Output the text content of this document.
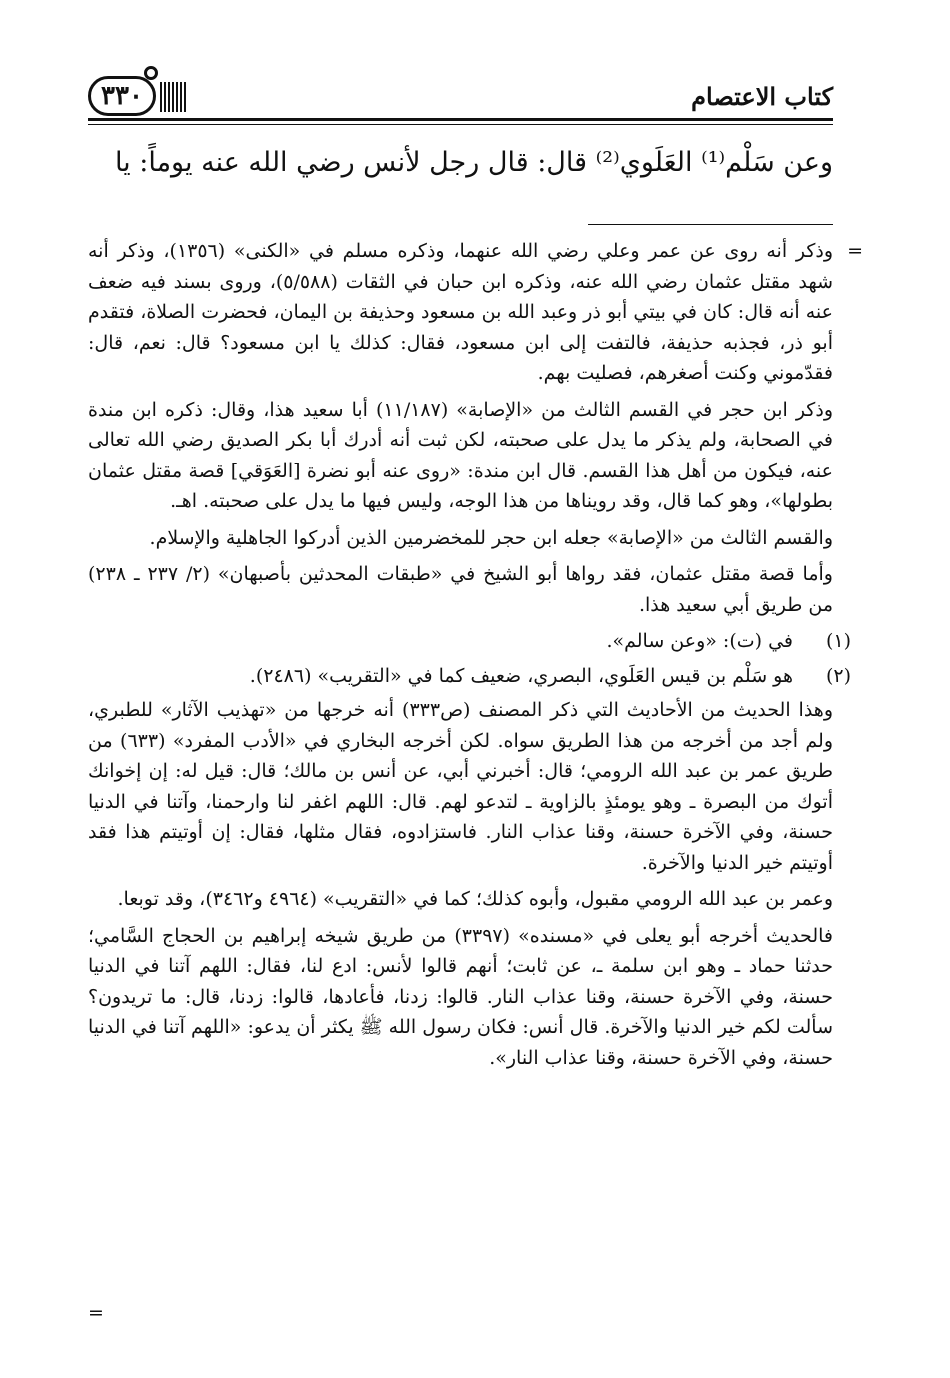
كتاب الاعتصام
٣٣٠
وعن سَلْم⁽¹⁾ العَلَوي⁽²⁾ قال: قال رجل لأنس رضي الله عنه يوماً: يا
=

وذكر أنه روى عن عمر وعلي رضي الله عنهما، وذكره مسلم في «الكنى» (١٣٥٦)، وذكر أنه شهد مقتل عثمان رضي الله عنه، وذكره ابن حبان في الثقات (٥/٥٨٨)، وروى بسند فيه ضعف عنه أنه قال: كان في بيتي أبو ذر وعبد الله بن مسعود وحذيفة بن اليمان، فحضرت الصلاة، فتقدم أبو ذر، فجذبه حذيفة، فالتفت إلى ابن مسعود، فقال: كذلك يا ابن مسعود؟ قال: نعم، قال: فقدّموني وكنت أصغرهم، فصليت بهم.

وذكر ابن حجر في القسم الثالث من «الإصابة» (١١/١٨٧) أبا سعيد هذا، وقال: ذكره ابن مندة في الصحابة، ولم يذكر ما يدل على صحبته، لكن ثبت أنه أدرك أبا بكر الصديق رضي الله تعالى عنه، فيكون من أهل هذا القسم. قال ابن مندة: «روى عنه أبو نضرة [العَوَقي] قصة مقتل عثمان بطولها»، وهو كما قال، وقد رويناها من هذا الوجه، وليس فيها ما يدل على صحبته. اهـ.

والقسم الثالث من «الإصابة» جعله ابن حجر للمخضرمين الذين أدركوا الجاهلية والإسلام.

وأما قصة مقتل عثمان، فقد رواها أبو الشيخ في «طبقات المحدثين بأصبهان» (٢/ ٢٣٧ ـ ٢٣٨) من طريق أبي سعيد هذا.

(١)

في (ت): «وعن سالم».

(٢)

هو سَلْم بن قيس العَلَوي، البصري، ضعيف كما في «التقريب» (٢٤٨٦).

وهذا الحديث من الأحاديث التي ذكر المصنف (ص٣٣٣) أنه خرجها من «تهذيب الآثار» للطبري، ولم أجد من أخرجه من هذا الطريق سواه. لكن أخرجه البخاري في «الأدب المفرد» (٦٣٣) من طريق عمر بن عبد الله الرومي؛ قال: أخبرني أبي، عن أنس بن مالك؛ قال: قيل له: إن إخوانك أتوك من البصرة ـ وهو يومئذٍ بالزاوية ـ لتدعو لهم. قال: اللهم اغفر لنا وارحمنا، وآتنا في الدنيا حسنة، وفي الآخرة حسنة، وقنا عذاب النار. فاستزادوه، فقال مثلها، فقال: إن أوتيتم هذا فقد أوتيتم خير الدنيا والآخرة.

وعمر بن عبد الله الرومي مقبول، وأبوه كذلك؛ كما في «التقريب» (٤٩٦٤ و٣٤٦٢)، وقد توبعا.

فالحديث أخرجه أبو يعلى في «مسنده» (٣٣٩٧) من طريق شيخه إبراهيم بن الحجاج السَّامي؛ حدثنا حماد ـ وهو ابن سلمة ـ، عن ثابت؛ أنهم قالوا لأنس: ادع لنا، فقال: اللهم آتنا في الدنيا حسنة، وفي الآخرة حسنة، وقنا عذاب النار. قالوا: زدنا، فأعادها، قالوا: زدنا، قال: ما تريدون؟ سألت لكم خير الدنيا والآخرة. قال أنس: فكان رسول الله ﷺ يكثر أن يدعو: «اللهم آتنا في الدنيا حسنة، وفي الآخرة حسنة، وقنا عذاب النار».

=
